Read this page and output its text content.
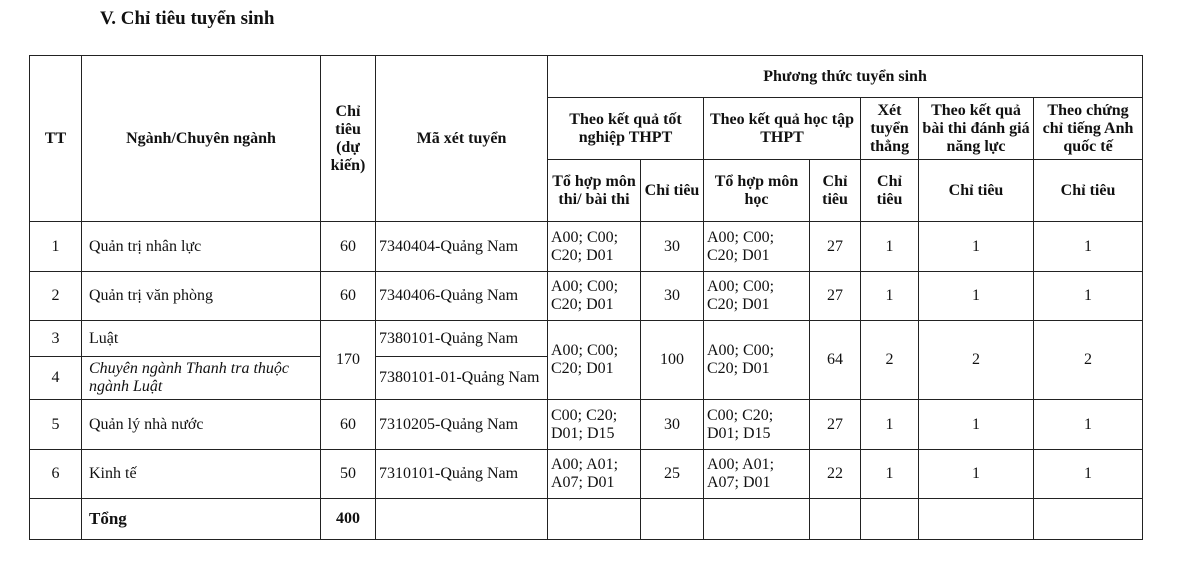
V. Chỉ tiêu tuyển sinh
TT	Ngành/Chuyên ngành	Chỉ tiêu (dự kiến)	Mã xét tuyển	Phương thức tuyển sinh						
				Theo kết quả tốt nghiệp THPT		Theo kết quả học tập THPT		Xét tuyển thẳng	Theo kết quả bài thi đánh giá năng lực	Theo chứng chỉ tiếng Anh quốc tế
				Tổ hợp môn thi/ bài thi	Chỉ tiêu	Tổ hợp môn học	Chỉ tiêu	Chỉ tiêu	Chỉ tiêu	Chỉ tiêu
1	Quản trị nhân lực	60	7340404-Quảng Nam	A00; C00; C20; D01	30	A00; C00; C20; D01	27	1	1	1
2	Quản trị văn phòng	60	7340406-Quảng Nam	A00; C00; C20; D01	30	A00; C00; C20; D01	27	1	1	1
3	Luật	170	7380101-Quảng Nam	A00; C00; C20; D01	100	A00; C00; C20; D01	64	2	2	2
4	Chuyên ngành Thanh tra thuộc ngành Luật		7380101-01-Quảng Nam							
5	Quản lý nhà nước	60	7310205-Quảng Nam	C00; C20; D01; D15	30	C00; C20; D01; D15	27	1	1	1
6	Kinh tế	50	7310101-Quảng Nam	A00; A01; A07; D01	25	A00; A01; A07; D01	22	1	1	1
	Tổng	400								
